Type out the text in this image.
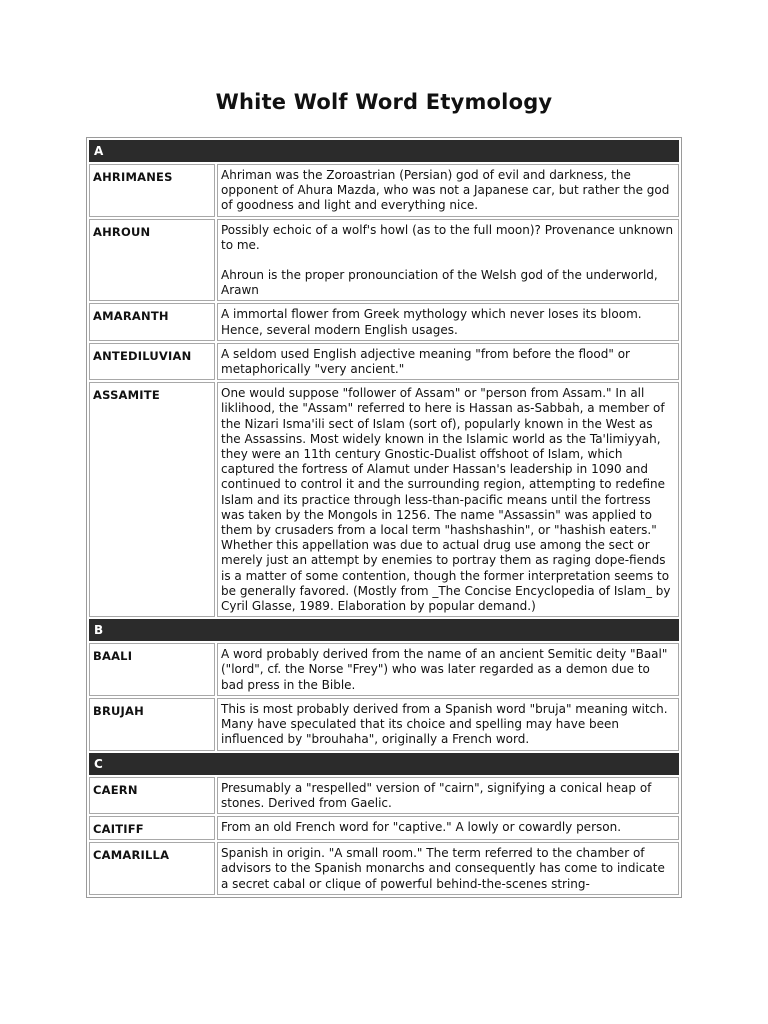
White Wolf Word Etymology
A	
AHRIMANES	Ahriman was the Zoroastrian (Persian) god of evil and darkness, the opponent of Ahura Mazda, who was not a Japanese car, but rather the god of goodness and light and everything nice.

AHROUN	Possibly echoic of a wolf's howl (as to the full moon)? Provenance unknown to me.

Ahroun is the proper pronounciation of the Welsh god of the underworld, Arawn

AMARANTH	A immortal flower from Greek mythology which never loses its bloom. Hence, several modern English usages.

ANTEDILUVIAN	A seldom used English adjective meaning "from before the flood" or metaphorically "very ancient."

ASSAMITE	One would suppose "follower of Assam" or "person from Assam." In all liklihood, the "Assam" referred to here is Hassan as-Sabbah, a member of the Nizari Isma'ili sect of Islam (sort of), popularly known in the West as the Assassins. Most widely known in the Islamic world as the Ta'limiyyah, they were an 11th century Gnostic-Dualist offshoot of Islam, which captured the fortress of Alamut under Hassan's leadership in 1090 and continued to control it and the surrounding region, attempting to redefine Islam and its practice through less-than-pacific means until the fortress was taken by the Mongols in 1256. The name "Assassin" was applied to them by crusaders from a local term "hashshashin", or "hashish eaters." Whether this appellation was due to actual drug use among the sect or merely just an attempt by enemies to portray them as raging dope-fiends is a matter of some contention, though the former interpretation seems to be generally favored. (Mostly from _The Concise Encyclopedia of Islam_ by Cyril Glasse, 1989. Elaboration by popular demand.)

B	
BAALI	A word probably derived from the name of an ancient Semitic deity "Baal" ("lord", cf. the Norse "Frey") who was later regarded as a demon due to bad press in the Bible.

BRUJAH	This is most probably derived from a Spanish word "bruja" meaning witch. Many have speculated that its choice and spelling may have been influenced by "brouhaha", originally a French word.

C	
CAERN	Presumably a "respelled" version of "cairn", signifying a conical heap of stones. Derived from Gaelic.

CAITIFF	From an old French word for "captive." A lowly or cowardly person.

CAMARILLA	Spanish in origin. "A small room." The term referred to the chamber of advisors to the Spanish monarchs and consequently has come to indicate a secret cabal or clique of powerful behind-the-scenes string-
